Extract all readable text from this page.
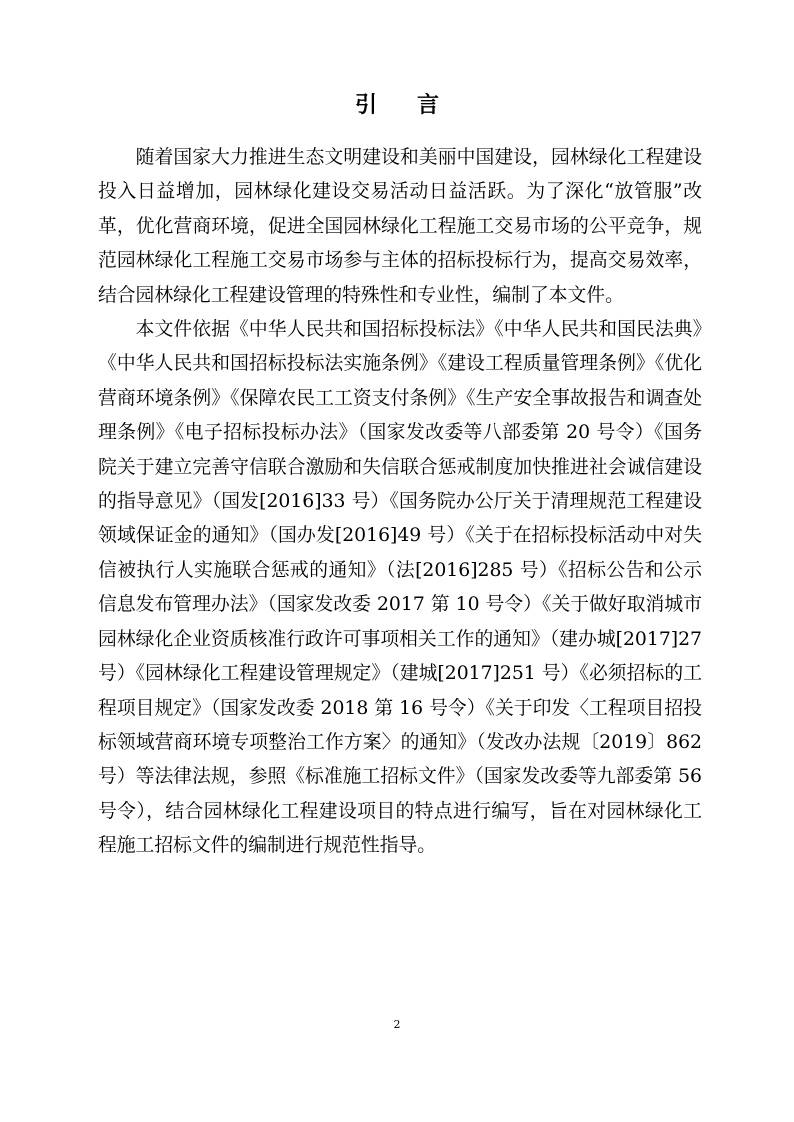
引言

随着国家大力推进生态文明建设和美丽中国建设，园林绿化工程建设投入日益增加，园林绿化建设交易活动日益活跃。为了深化“放管服”改革，优化营商环境，促进全国园林绿化工程施工交易市场的公平竞争，规范园林绿化工程施工交易市场参与主体的招标投标行为，提高交易效率，结合园林绿化工程建设管理的特殊性和专业性，编制了本文件。

本文件依据《中华人民共和国招标投标法》《中华人民共和国民法典》《中华人民共和国招标投标法实施条例》《建设工程质量管理条例》《优化营商环境条例》《保障农民工工资支付条例》《生产安全事故报告和调查处理条例》《电子招标投标办法》（国家发改委等八部委第 20 号令）《国务院关于建立完善守信联合激励和失信联合惩戒制度加快推进社会诚信建设的指导意见》（国发[2016]33 号）《国务院办公厅关于清理规范工程建设领域保证金的通知》（国办发[2016]49 号）《关于在招标投标活动中对失信被执行人实施联合惩戒的通知》（法[2016]285 号）《招标公告和公示信息发布管理办法》（国家发改委 2017 第 10 号令）《关于做好取消城市园林绿化企业资质核准行政许可事项相关工作的通知》（建办城[2017]27 号）《园林绿化工程建设管理规定》（建城[2017]251 号）《必须招标的工程项目规定》（国家发改委 2018 第 16 号令）《关于印发〈工程项目招投标领域营商环境专项整治工作方案〉的通知》（发改办法规〔2019〕862 号）等法律法规，参照《标准施工招标文件》（国家发改委等九部委第 56 号令），结合园林绿化工程建设项目的特点进行编写，旨在对园林绿化工程施工招标文件的编制进行规范性指导。

2
